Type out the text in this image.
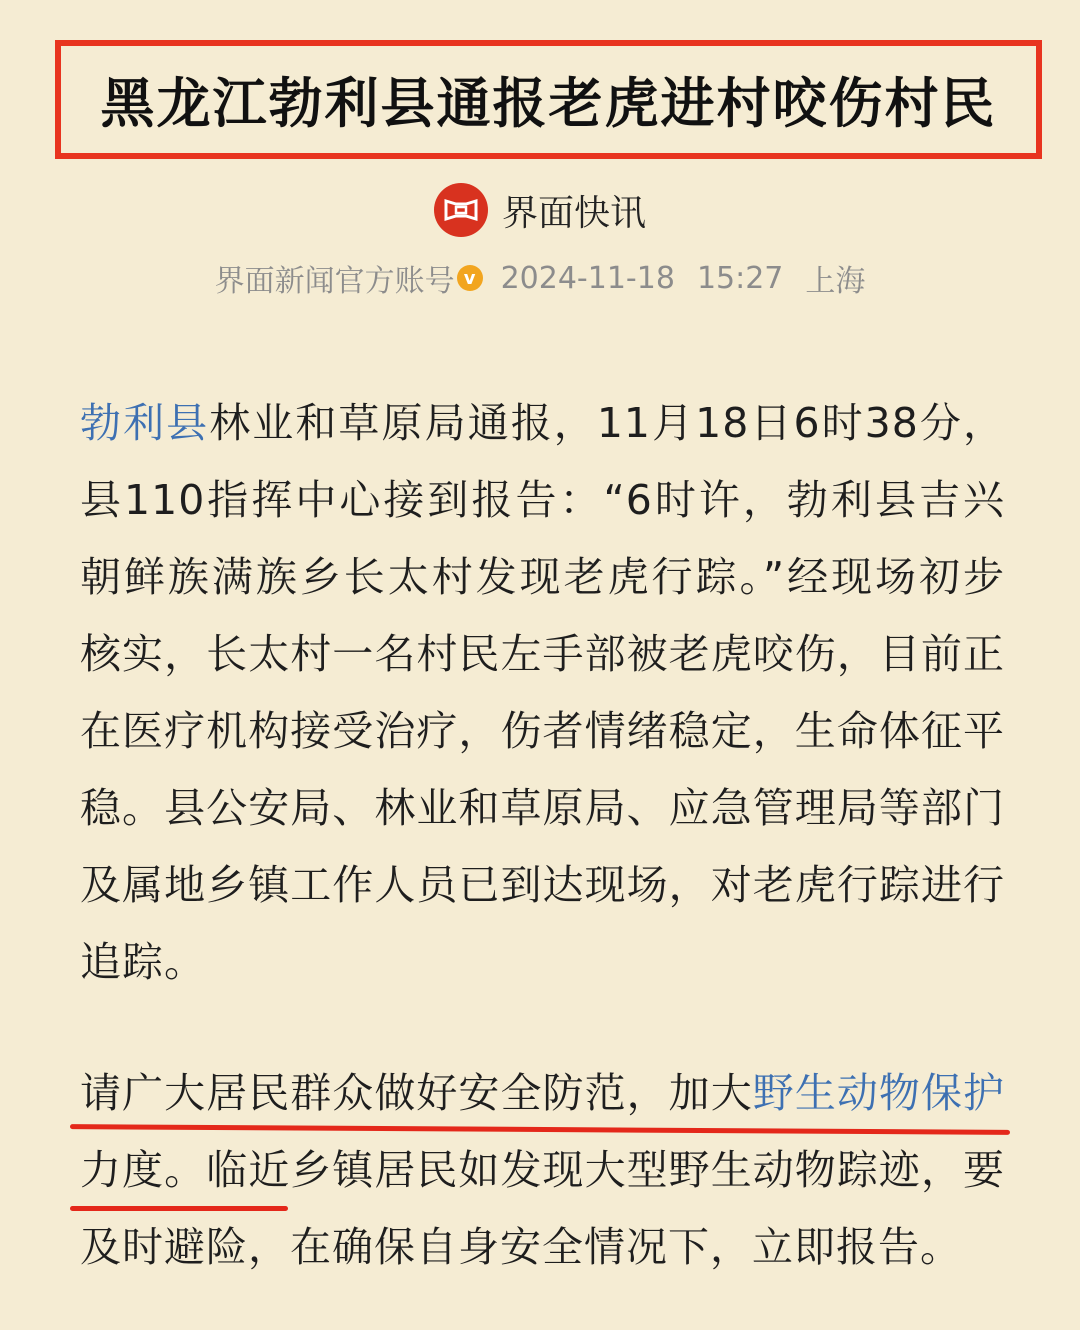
黑龙江勃利县通报老虎进村咬伤村民
界面快讯
界面新闻官方账号 v 2024-11-18 15:27 上海
勃利县林业和草原局通报，11月18日6时38分，县110指挥中心接到报告：“6时许，勃利县吉兴朝鲜族满族乡长太村发现老虎行踪。”经现场初步核实，长太村一名村民左手部被老虎咬伤，目前正在医疗机构接受治疗，伤者情绪稳定，生命体征平稳。县公安局、林业和草原局、应急管理局等部门及属地乡镇工作人员已到达现场，对老虎行踪进行追踪。
请广大居民群众做好安全防范，加大野生动物保护力度。临近乡镇居民如发现大型野生动物踪迹，要及时避险，在确保自身安全情况下，立即报告。
